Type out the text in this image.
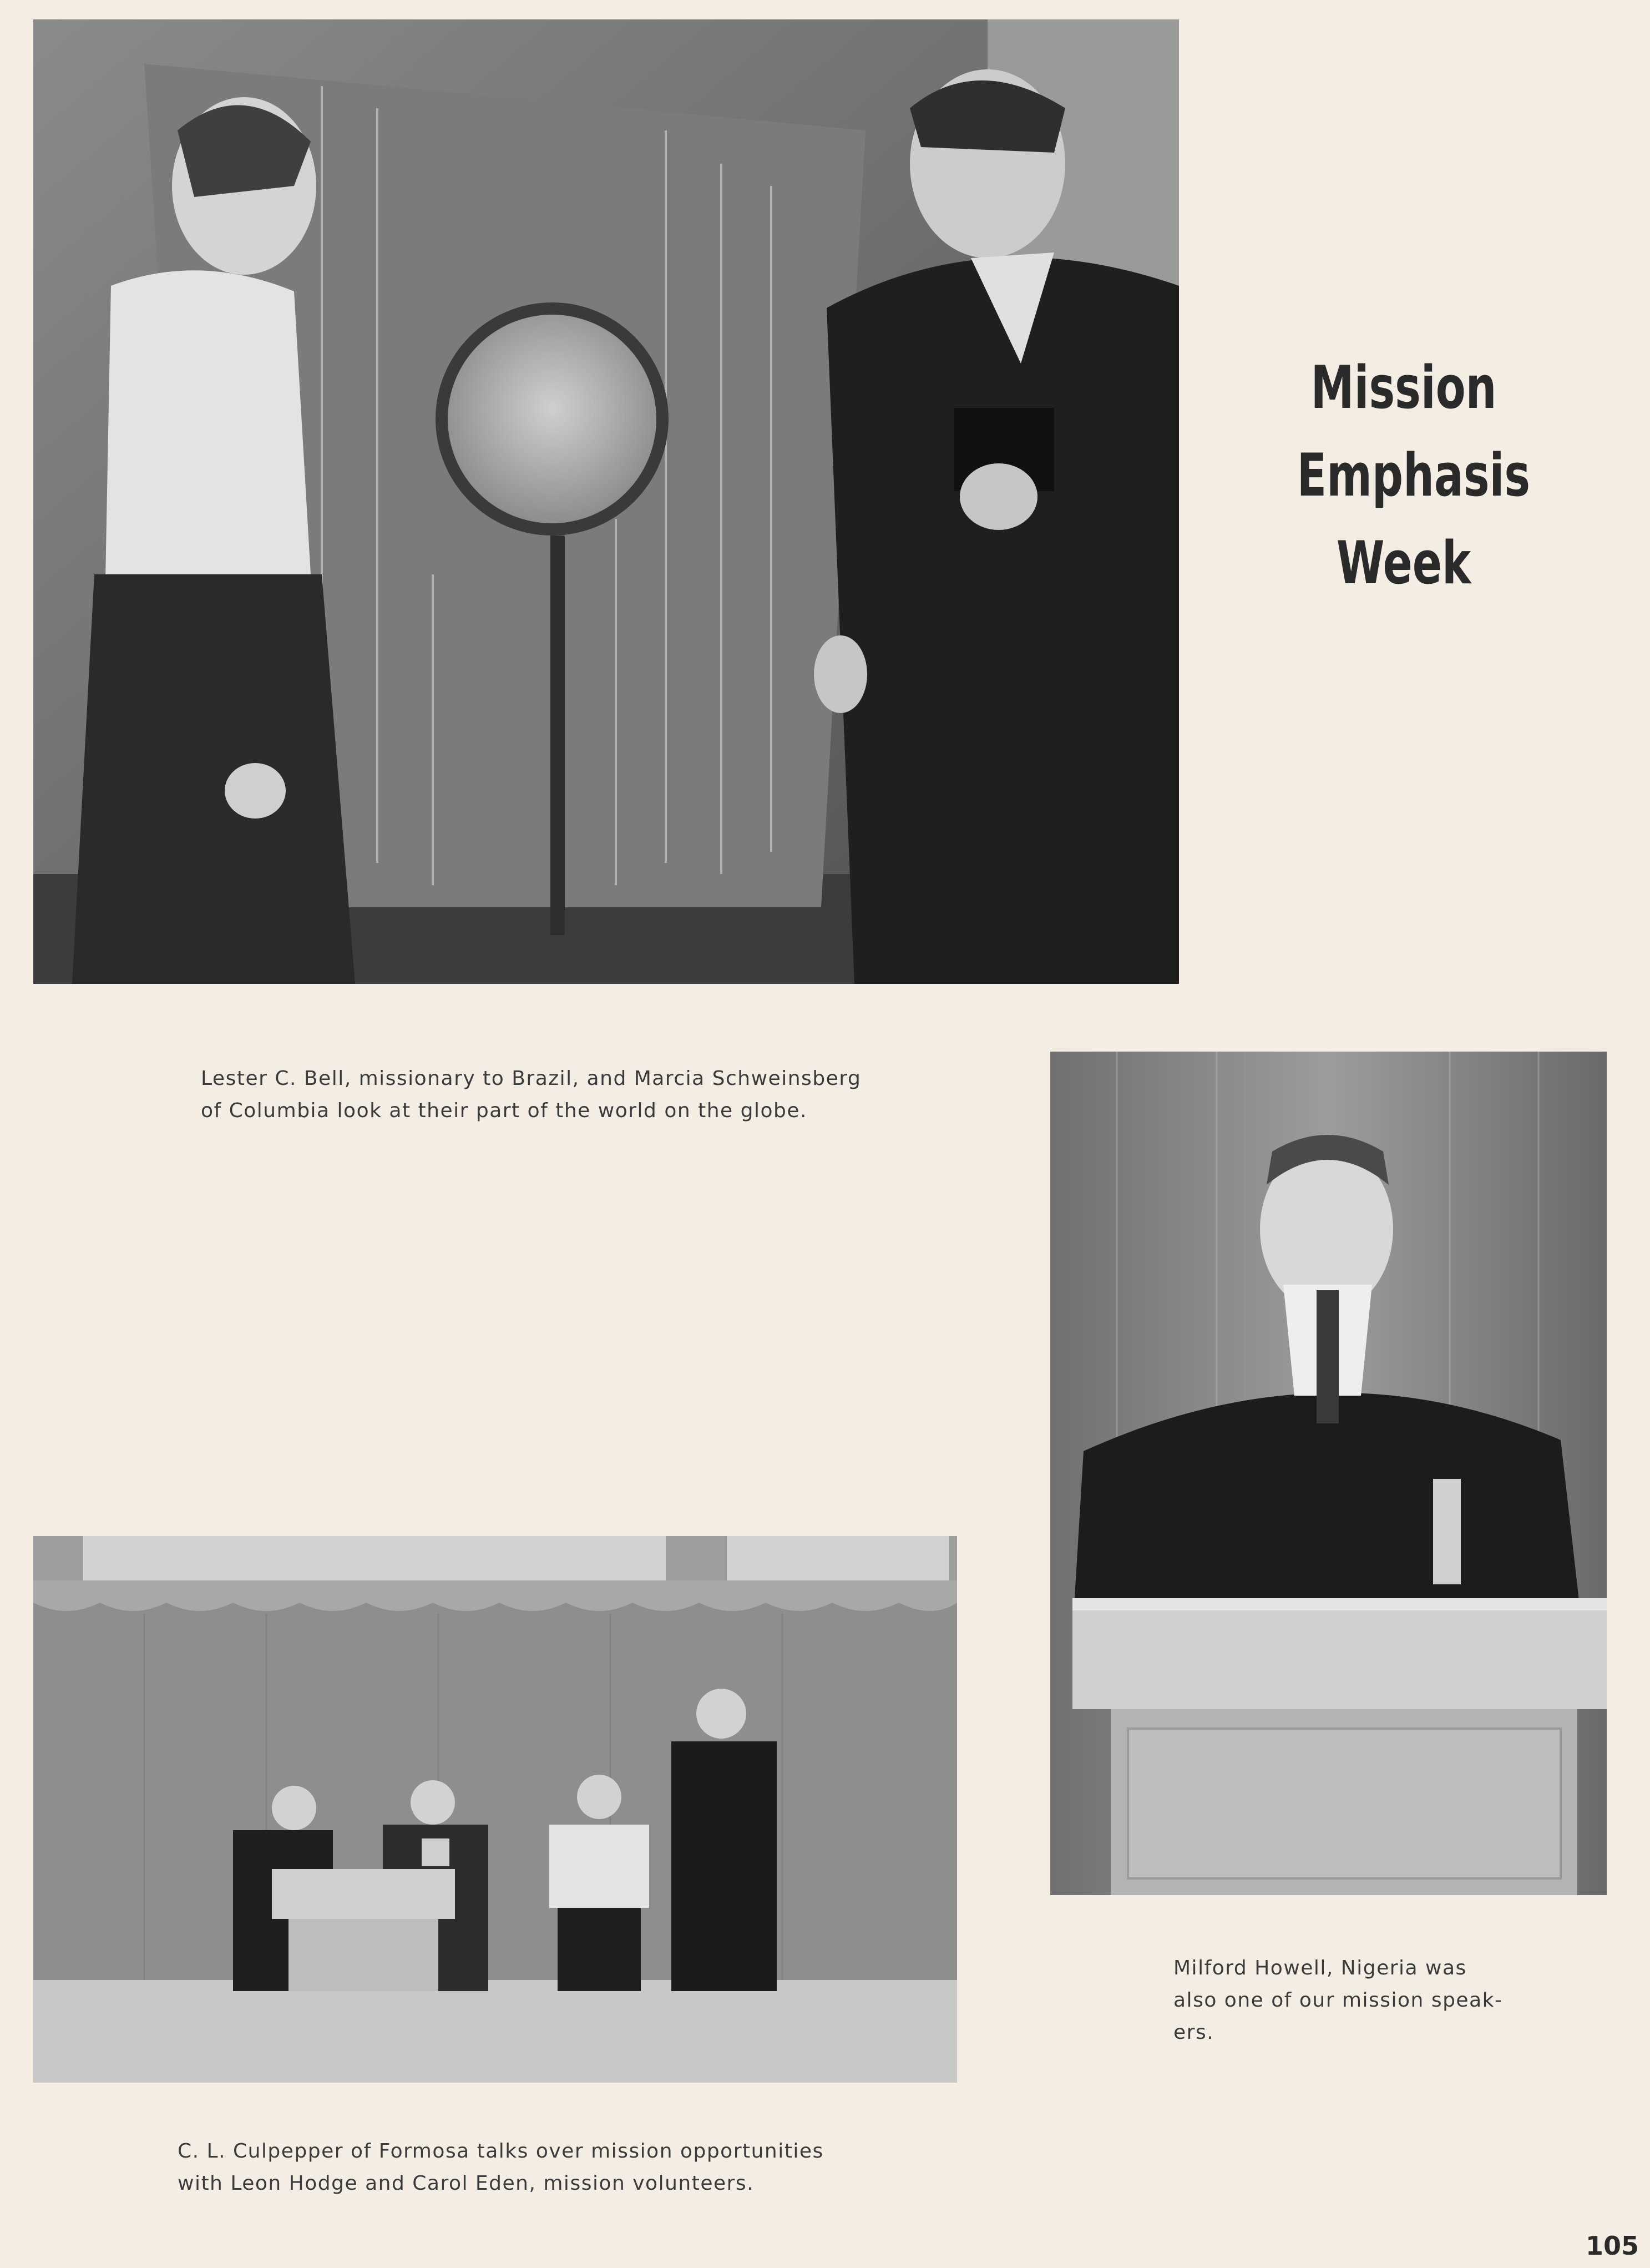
Mission
Emphasis
Week
Lester C. Bell, missionary to Brazil, and Marcia Schweinsberg
of Columbia look at their part of the world on the globe.
Milford Howell, Nigeria was
also one of our mission speak-
ers.
C. L. Culpepper of Formosa talks over mission opportunities
with Leon Hodge and Carol Eden, mission volunteers.
105
